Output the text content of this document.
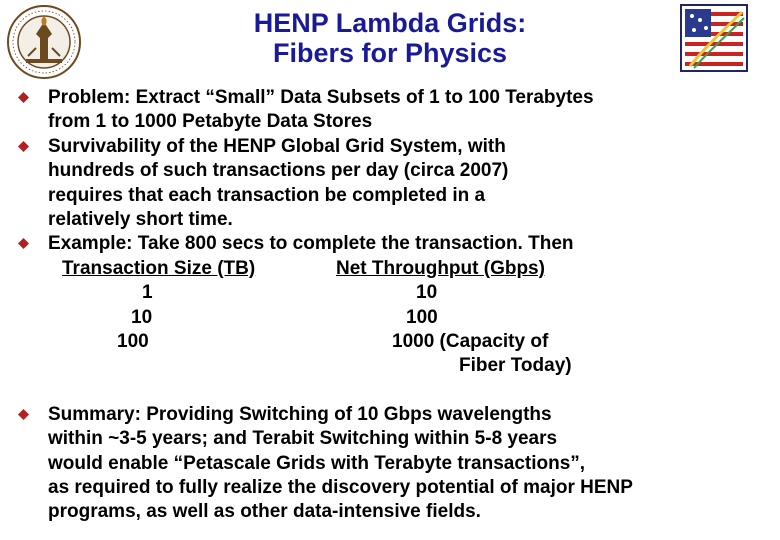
HENP Lambda Grids:
Fibers for Physics
Problem: Extract “Small” Data Subsets of 1 to 100 Terabytes
from 1 to 1000 Petabyte Data Stores
Survivability of the HENP Global Grid System, with
hundreds of such transactions per day (circa 2007)
requires that each transaction be completed in a
relatively short time.
Example: Take 800 secs to complete the transaction. Then
Transaction Size (TB)	Net Throughput (Gbps)
1	10
10	100
100	1000 (Capacity of
Fiber Today)
Summary: Providing Switching of 10 Gbps wavelengths
within ~3-5 years; and Terabit Switching within 5-8 years
would enable “Petascale Grids with Terabyte transactions”,
as required to fully realize the discovery potential of major HENP
programs, as well as other data-intensive fields.
